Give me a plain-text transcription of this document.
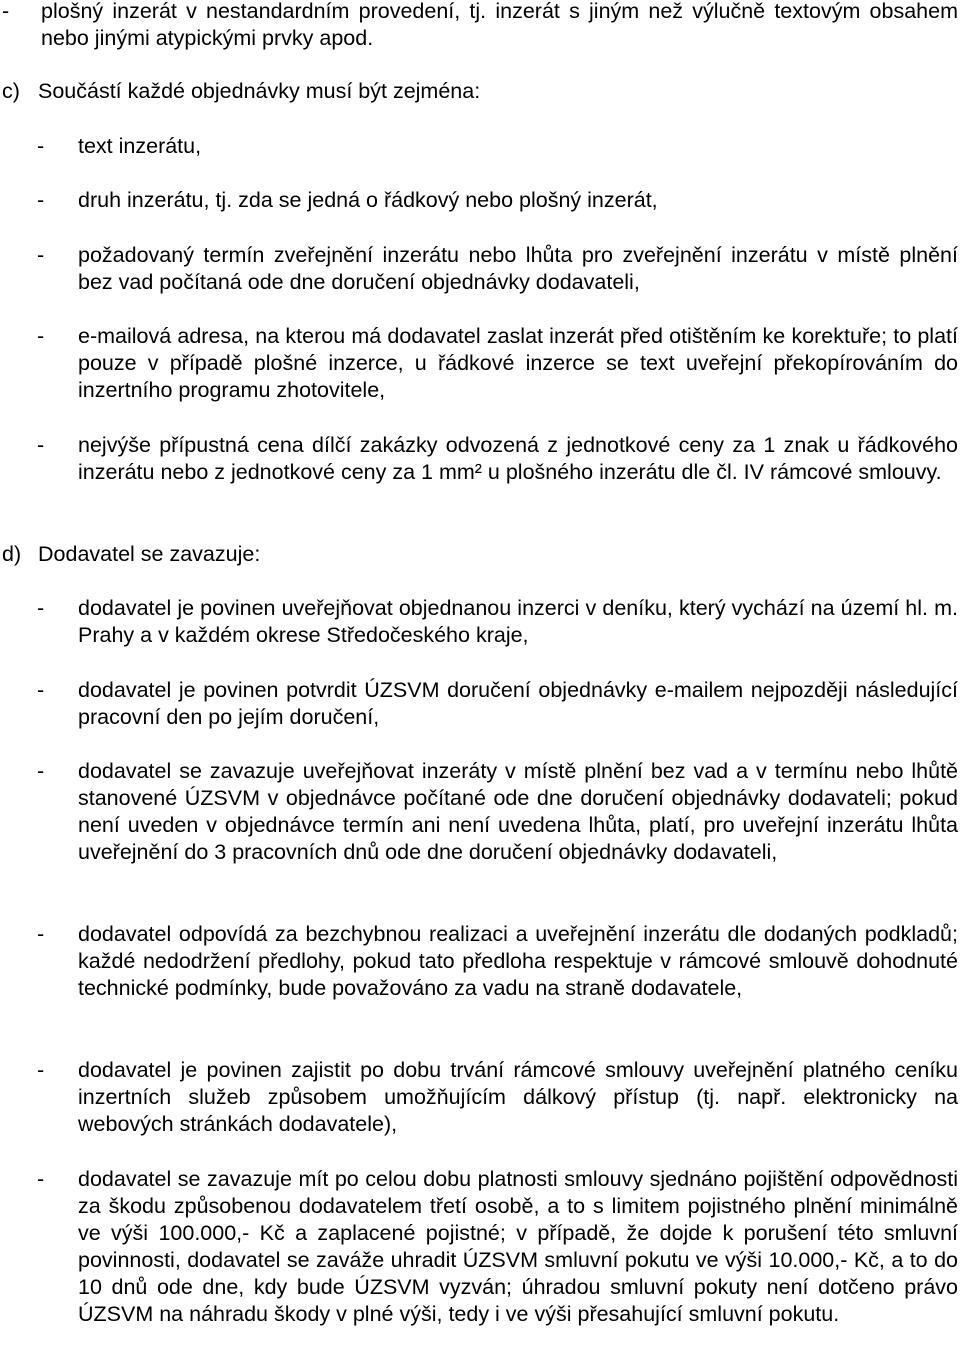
- plošný inzerát v nestandardním provedení, tj. inzerát s jiným než výlučně textovým obsahem nebo jinými atypickými prvky apod.
c) Součástí každé objednávky musí být zejména:
- text inzerátu,
- druh inzerátu, tj. zda se jedná o řádkový nebo plošný inzerát,
- požadovaný termín zveřejnění inzerátu nebo lhůta pro zveřejnění inzerátu v místě plnění bez vad počítaná ode dne doručení objednávky dodavateli,
- e-mailová adresa, na kterou má dodavatel zaslat inzerát před otištěním ke korektuře; to platí pouze v případě plošné inzerce, u řádkové inzerce se text uveřejní překopírováním do inzertního programu zhotovitele,
- nejvýše přípustná cena dílčí zakázky odvozená z jednotkové ceny za 1 znak u řádkového inzerátu nebo z jednotkové ceny za 1 mm² u plošného inzerátu dle čl. IV rámcové smlouvy.
d) Dodavatel se zavazuje:
- dodavatel je povinen uveřejňovat objednanou inzerci v deníku, který vychází na území hl. m. Prahy a v každém okrese Středočeského kraje,
- dodavatel je povinen potvrdit ÚZSVM doručení objednávky e-mailem nejpozději následující pracovní den po jejím doručení,
- dodavatel se zavazuje uveřejňovat inzeráty v místě plnění bez vad a v termínu nebo lhůtě stanovené ÚZSVM v objednávce počítané ode dne doručení objednávky dodavateli; pokud není uveden v objednávce termín ani není uvedena lhůta, platí, pro uveřejní inzerátu lhůta uveřejnění do 3 pracovních dnů ode dne doručení objednávky dodavateli,
- dodavatel odpovídá za bezchybnou realizaci a uveřejnění inzerátu dle dodaných podkladů; každé nedodržení předlohy, pokud tato předloha respektuje v rámcové smlouvě dohodnuté technické podmínky, bude považováno za vadu na straně dodavatele,
- dodavatel je povinen zajistit po dobu trvání rámcové smlouvy uveřejnění platného ceníku inzertních služeb způsobem umožňujícím dálkový přístup (tj. např. elektronicky na webových stránkách dodavatele),
- dodavatel se zavazuje mít po celou dobu platnosti smlouvy sjednáno pojištění odpovědnosti za škodu způsobenou dodavatelem třetí osobě, a to s limitem pojistného plnění minimálně ve výši 100.000,- Kč a zaplacené pojistné; v případě, že dojde k porušení této smluvní povinnosti, dodavatel se zaváže uhradit ÚZSVM smluvní pokutu ve výši 10.000,- Kč, a to do 10 dnů ode dne, kdy bude ÚZSVM vyzván; úhradou smluvní pokuty není dotčeno právo ÚZSVM na náhradu škody v plné výši, tedy i ve výši přesahující smluvní pokutu.
